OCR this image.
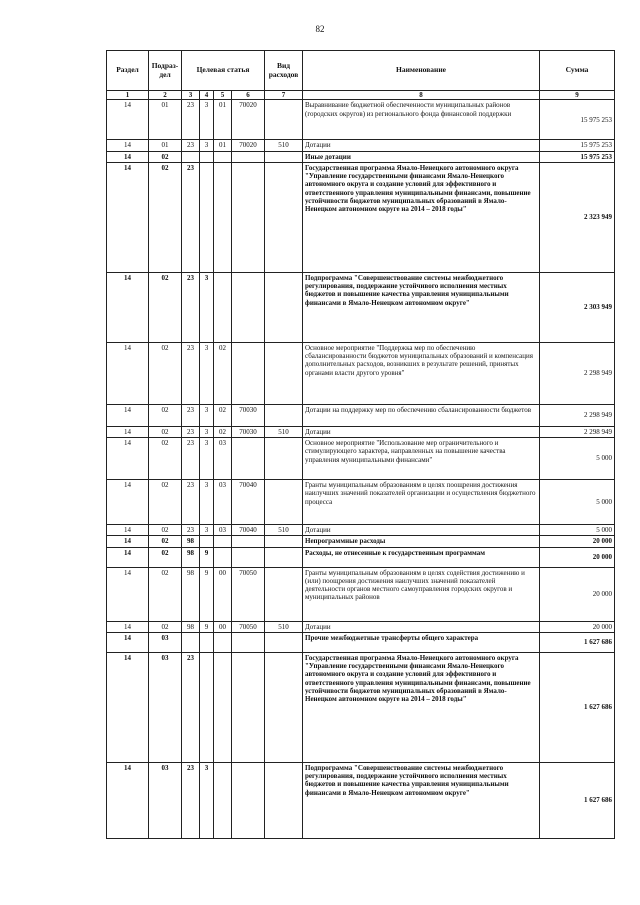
82
Раздел	Подраз-дел	Целевая статья				Вид расходов	Наименование	Сумма
1	2	3	4	5	6	7	8	9
14	01	23	3	01	70020		Выравнивание бюджетной обеспеченности муниципальных районов (городских округов) из регионального фонда финансовой поддержки	15 975 253
14	01	23	3	01	70020	510	Дотации	15 975 253
14	02						Иные дотации	15 975 253
14	02	23					Государственная программа Ямало-Ненецкого автономного округа "Управление государственными финансами Ямало-Ненецкого автономного округа и создание условий для эффективного и ответственного управления муниципальными финансами, повышение устойчивости бюджетов муниципальных образований в Ямало-Ненецком автономном округе на 2014 – 2018 годы"	2 323 949
14	02	23	3				Подпрограмма "Совершенствование системы межбюджетного регулирования, поддержание устойчивого исполнения местных бюджетов и повышение качества управления муниципальными финансами в Ямало-Ненецком автономном округе"	2 303 949
14	02	23	3	02			Основное мероприятие "Поддержка мер по обеспечению сбалансированности бюджетов муниципальных образований и компенсация дополнительных расходов, возникших в результате решений, принятых органами власти другого уровня"	2 298 949
14	02	23	3	02	70030		Дотации на поддержку мер по обеспечению сбалансированности бюджетов	2 298 949
14	02	23	3	02	70030	510	Дотации	2 298 949
14	02	23	3	03			Основное мероприятие "Использование мер ограничительного и стимулирующего характера, направленных на повышение качества управления муниципальными финансами"	5 000
14	02	23	3	03	70040		Гранты муниципальным образованиям в целях поощрения достижения наилучших значений показателей организации и осуществления бюджетного процесса	5 000
14	02	23	3	03	70040	510	Дотации	5 000
14	02	98					Непрограммные расходы	20 000
14	02	98	9				Расходы, не отнесенные к государственным программам	20 000
14	02	98	9	00	70050		Гранты муниципальным образованиям в целях содействия достижению и (или) поощрения достижения наилучших значений показателей деятельности органов местного самоуправления городских округов и муниципальных районов	20 000
14	02	98	9	00	70050	510	Дотации	20 000
14	03						Прочие межбюджетные трансферты общего характера	1 627 686
14	03	23					Государственная программа Ямало-Ненецкого автономного округа "Управление государственными финансами Ямало-Ненецкого автономного округа и создание условий для эффективного и ответственного управления муниципальными финансами, повышение устойчивости бюджетов муниципальных образований в Ямало-Ненецком автономном округе на 2014 – 2018 годы"	1 627 686
14	03	23	3				Подпрограмма "Совершенствование системы межбюджетного регулирования, поддержание устойчивого исполнения местных бюджетов и повышение качества управления муниципальными финансами в Ямало-Ненецком автономном округе"	1 627 686
